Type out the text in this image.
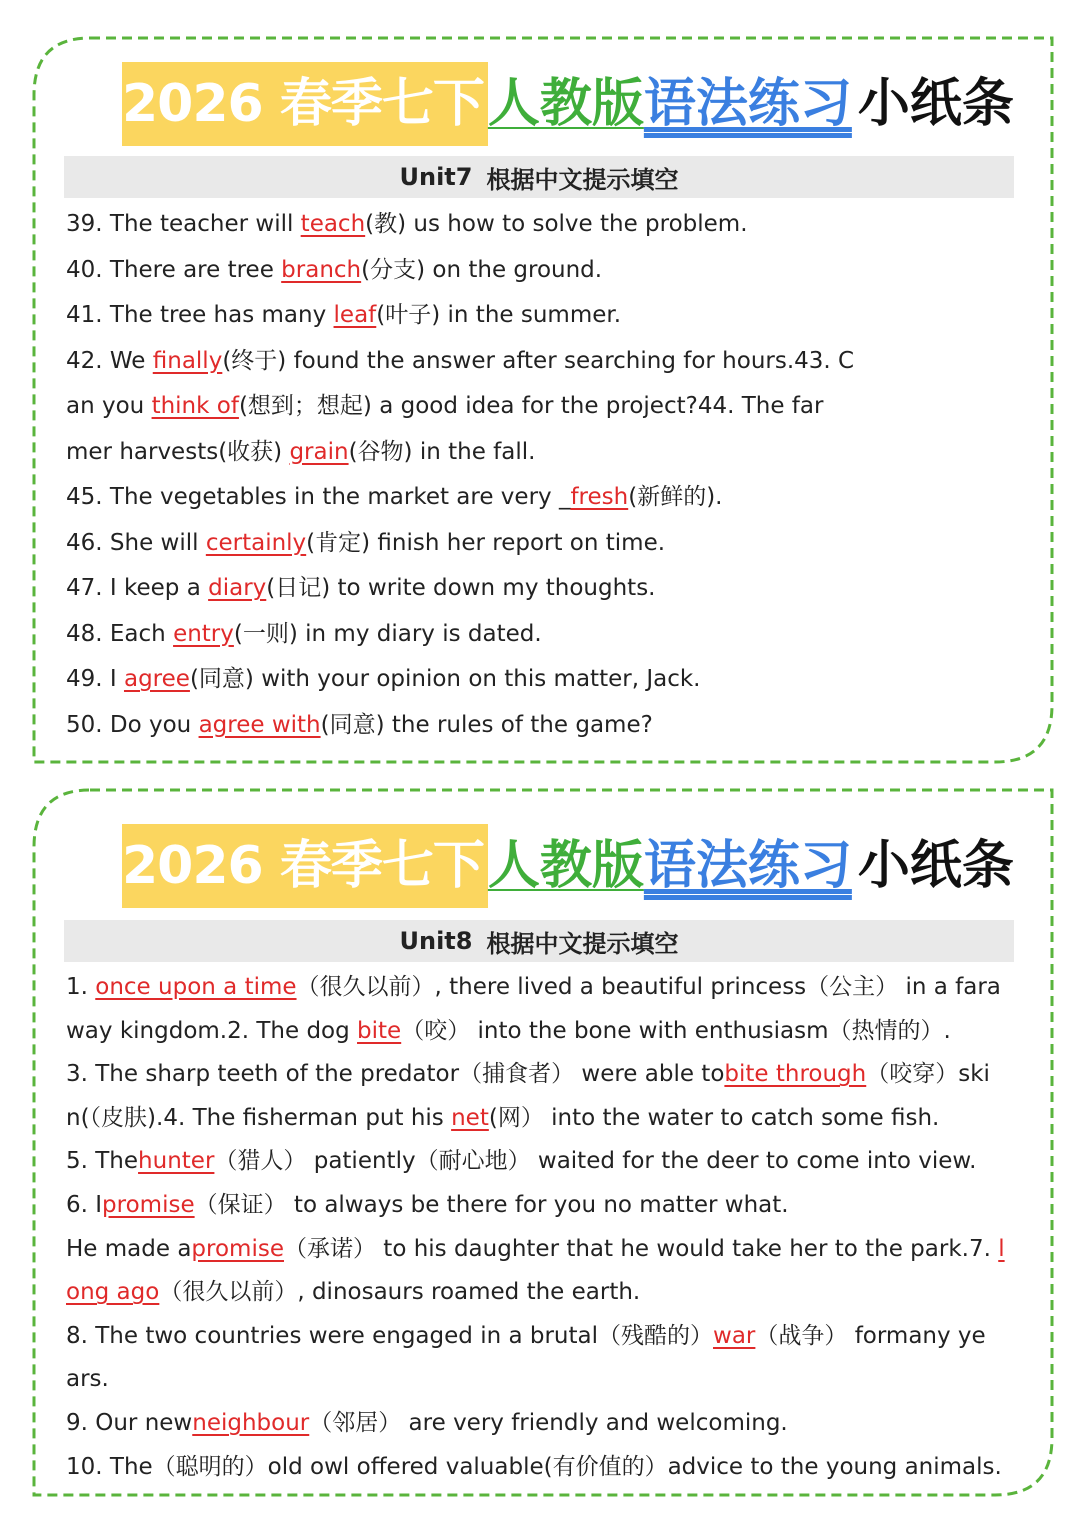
2026 春季七下 人教版 语法练习 小纸条
Unit7 根据中文提示填空
39. The teacher will teach(教) us how to solve the problem.
40. There are tree branch(分支) on the ground.
41. The tree has many leaf(叶子) in the summer.
42. We finally(终于) found the answer after searching for hours.43. C
an you think of(想到；想起) a good idea for the project?44. The far
mer harvests(收获) grain(谷物) in the fall.
45. The vegetables in the market are very _fresh(新鲜的).
46. She will certainly(肯定) finish her report on time.
47. I keep a diary(日记) to write down my thoughts.
48. Each entry(一则) in my diary is dated.
49. I agree(同意) with your opinion on this matter, Jack.
50. Do you agree with(同意) the rules of the game?
2026 春季七下 人教版 语法练习 小纸条
Unit8 根据中文提示填空
1. once upon a time（很久以前）, there lived a beautiful princess（公主） in a fara
way kingdom.2. The dog bite（咬） into the bone with enthusiasm（热情的）.
3. The sharp teeth of the predator（捕食者） were able tobite through（咬穿）ski
n(（皮肤).4. The fisherman put his net(网） into the water to catch some fish.
5. Thehunter（猎人） patiently（耐心地） waited for the deer to come into view.
6. Ipromise（保证） to always be there for you no matter what.
He made apromise（承诺） to his daughter that he would take her to the park.7. l
ong ago（很久以前）, dinosaurs roamed the earth.
8. The two countries were engaged in a brutal（残酷的）war（战争） formany ye
ars.
9. Our newneighbour（邻居） are very friendly and welcoming.
10. The（聪明的）old owl offered valuable(有价值的）advice to the young animals.
